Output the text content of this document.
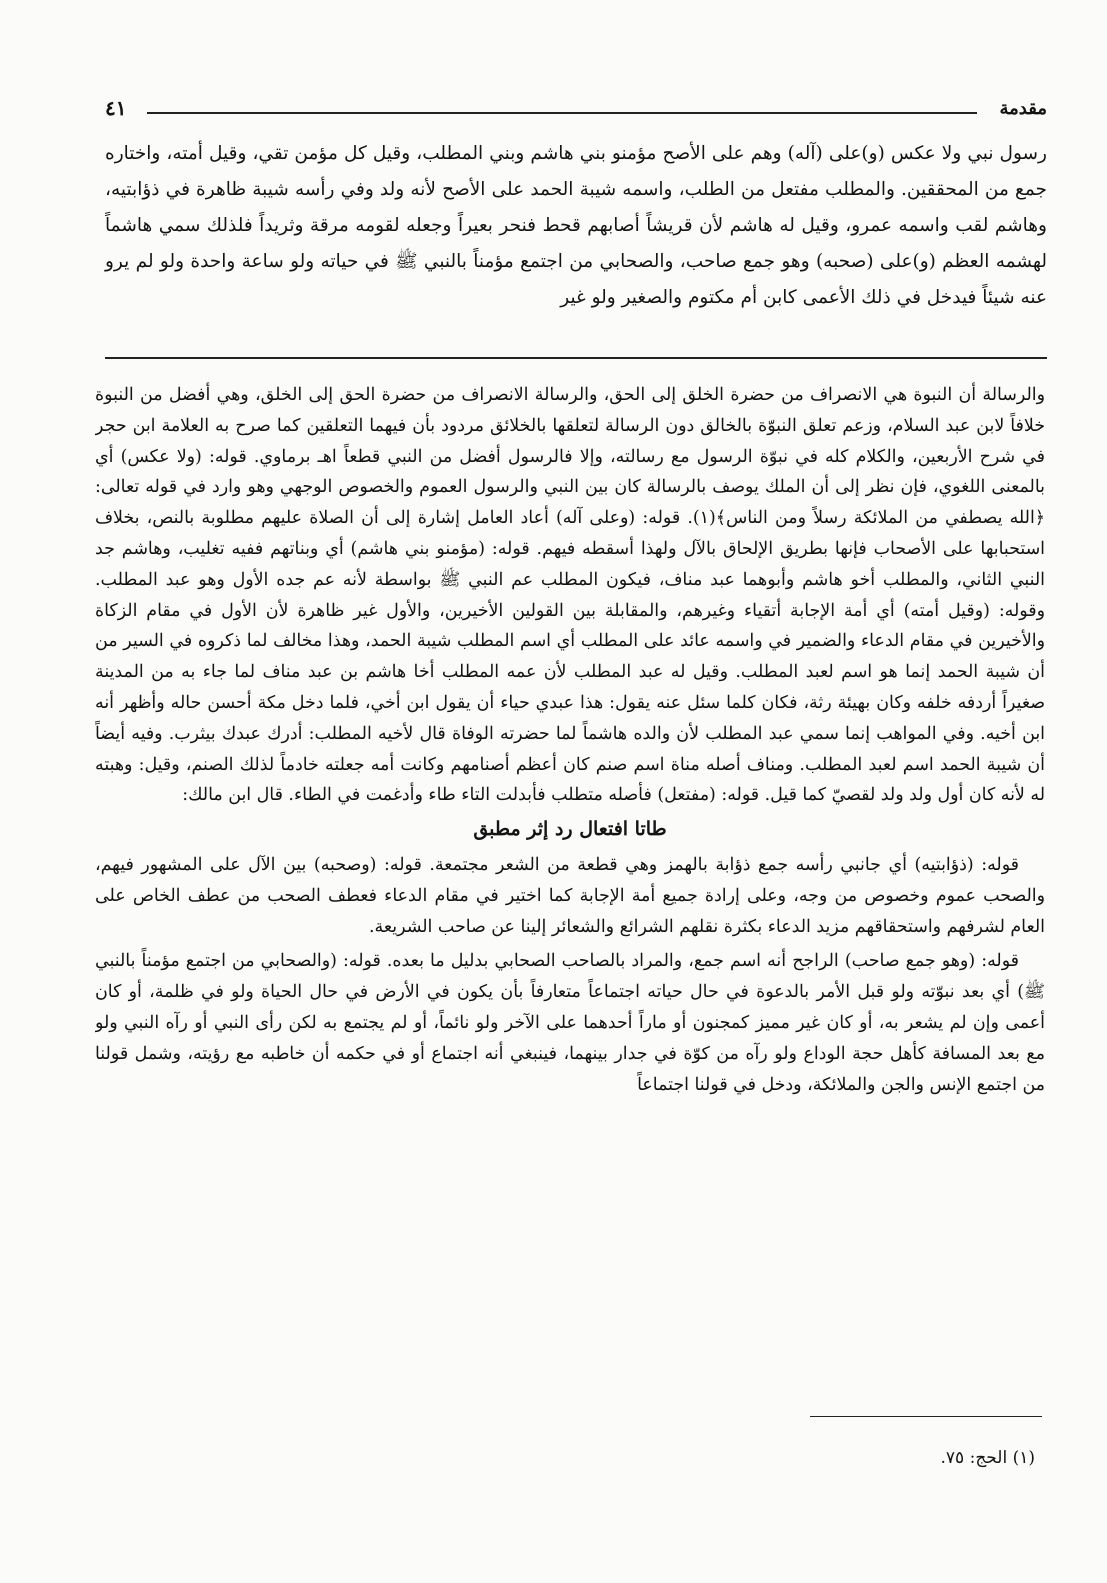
٤١	مقدمة

رسول نبي ولا عكس (و)على (آله) وهم على الأصح مؤمنو بني هاشم وبني المطلب، وقيل كل مؤمن تقي، وقيل أمته، واختاره جمع من المحققين. والمطلب مفتعل من الطلب، واسمه شيبة الحمد على الأصح لأنه ولد وفي رأسه شيبة ظاهرة في ذؤابتيه، وهاشم لقب واسمه عمرو، وقيل له هاشم لأن قريشاً أصابهم قحط فنحر بعيراً وجعله لقومه مرقة وثريداً فلذلك سمي هاشماً لهشمه العظم (و)على (صحبه) وهو جمع صاحب، والصحابي من اجتمع مؤمناً بالنبي ﷺ في حياته ولو ساعة واحدة ولو لم يرو عنه شيئاً فيدخل في ذلك الأعمى كابن أم مكتوم والصغير ولو غير

والرسالة أن النبوة هي الانصراف من حضرة الخلق إلى الحق، والرسالة الانصراف من حضرة الحق إلى الخلق، وهي أفضل من النبوة خلافاً لابن عبد السلام، وزعم تعلق النبوّة بالخالق دون الرسالة لتعلقها بالخلائق مردود بأن فيهما التعلقين كما صرح به العلامة ابن حجر في شرح الأربعين، والكلام كله في نبوّة الرسول مع رسالته، وإلا فالرسول أفضل من النبي قطعاً اهـ برماوي. قوله: (ولا عكس) أي بالمعنى اللغوي، فإن نظر إلى أن الملك يوصف بالرسالة كان بين النبي والرسول العموم والخصوص الوجهي وهو وارد في قوله تعالى: ﴿الله يصطفي من الملائكة رسلاً ومن الناس﴾(١). قوله: (وعلى آله) أعاد العامل إشارة إلى أن الصلاة عليهم مطلوبة بالنص، بخلاف استحبابها على الأصحاب فإنها بطريق الإلحاق بالآل ولهذا أسقطه فيهم. قوله: (مؤمنو بني هاشم) أي وبناتهم ففيه تغليب، وهاشم جد النبي الثاني، والمطلب أخو هاشم وأبوهما عبد مناف، فيكون المطلب عم النبي ﷺ بواسطة لأنه عم جده الأول وهو عبد المطلب. وقوله: (وقيل أمته) أي أمة الإجابة أتقياء وغيرهم، والمقابلة بين القولين الأخيرين، والأول غير ظاهرة لأن الأول في مقام الزكاة والأخيرين في مقام الدعاء والضمير في واسمه عائد على المطلب أي اسم المطلب شيبة الحمد، وهذا مخالف لما ذكروه في السير من أن شيبة الحمد إنما هو اسم لعبد المطلب. وقيل له عبد المطلب لأن عمه المطلب أخا هاشم بن عبد مناف لما جاء به من المدينة صغيراً أردفه خلفه وكان بهيئة رثة، فكان كلما سئل عنه يقول: هذا عبدي حياء أن يقول ابن أخي، فلما دخل مكة أحسن حاله وأظهر أنه ابن أخيه. وفي المواهب إنما سمي عبد المطلب لأن والده هاشماً لما حضرته الوفاة قال لأخيه المطلب: أدرك عبدك بيثرب. وفيه أيضاً أن شيبة الحمد اسم لعبد المطلب. ومناف أصله مناة اسم صنم كان أعظم أصنامهم وكانت أمه جعلته خادماً لذلك الصنم، وقيل: وهبته له لأنه كان أول ولد ولد لقصيّ كما قيل. قوله: (مفتعل) فأصله متطلب فأبدلت التاء طاء وأدغمت في الطاء. قال ابن مالك:

طاتا افتعال رد إثر مطبق

قوله: (ذؤابتيه) أي جانبي رأسه جمع ذؤابة بالهمز وهي قطعة من الشعر مجتمعة. قوله: (وصحبه) بين الآل على المشهور فيهم، والصحب عموم وخصوص من وجه، وعلى إرادة جميع أمة الإجابة كما اختير في مقام الدعاء فعطف الصحب من عطف الخاص على العام لشرفهم واستحقاقهم مزيد الدعاء بكثرة نقلهم الشرائع والشعائر إلينا عن صاحب الشريعة.

قوله: (وهو جمع صاحب) الراجح أنه اسم جمع، والمراد بالصاحب الصحابي بدليل ما بعده. قوله: (والصحابي من اجتمع مؤمناً بالنبي ﷺ) أي بعد نبوّته ولو قبل الأمر بالدعوة في حال حياته اجتماعاً متعارفاً بأن يكون في الأرض في حال الحياة ولو في ظلمة، أو كان أعمى وإن لم يشعر به، أو كان غير مميز كمجنون أو ماراً أحدهما على الآخر ولو نائماً، أو لم يجتمع به لكن رأى النبي أو رآه النبي ولو مع بعد المسافة كأهل حجة الوداع ولو رآه من كوّة في جدار بينهما، فينبغي أنه اجتماع أو في حكمه أن خاطبه مع رؤيته، وشمل قولنا من اجتمع الإنس والجن والملائكة، ودخل في قولنا اجتماعاً

(١) الحج: ٧٥.
